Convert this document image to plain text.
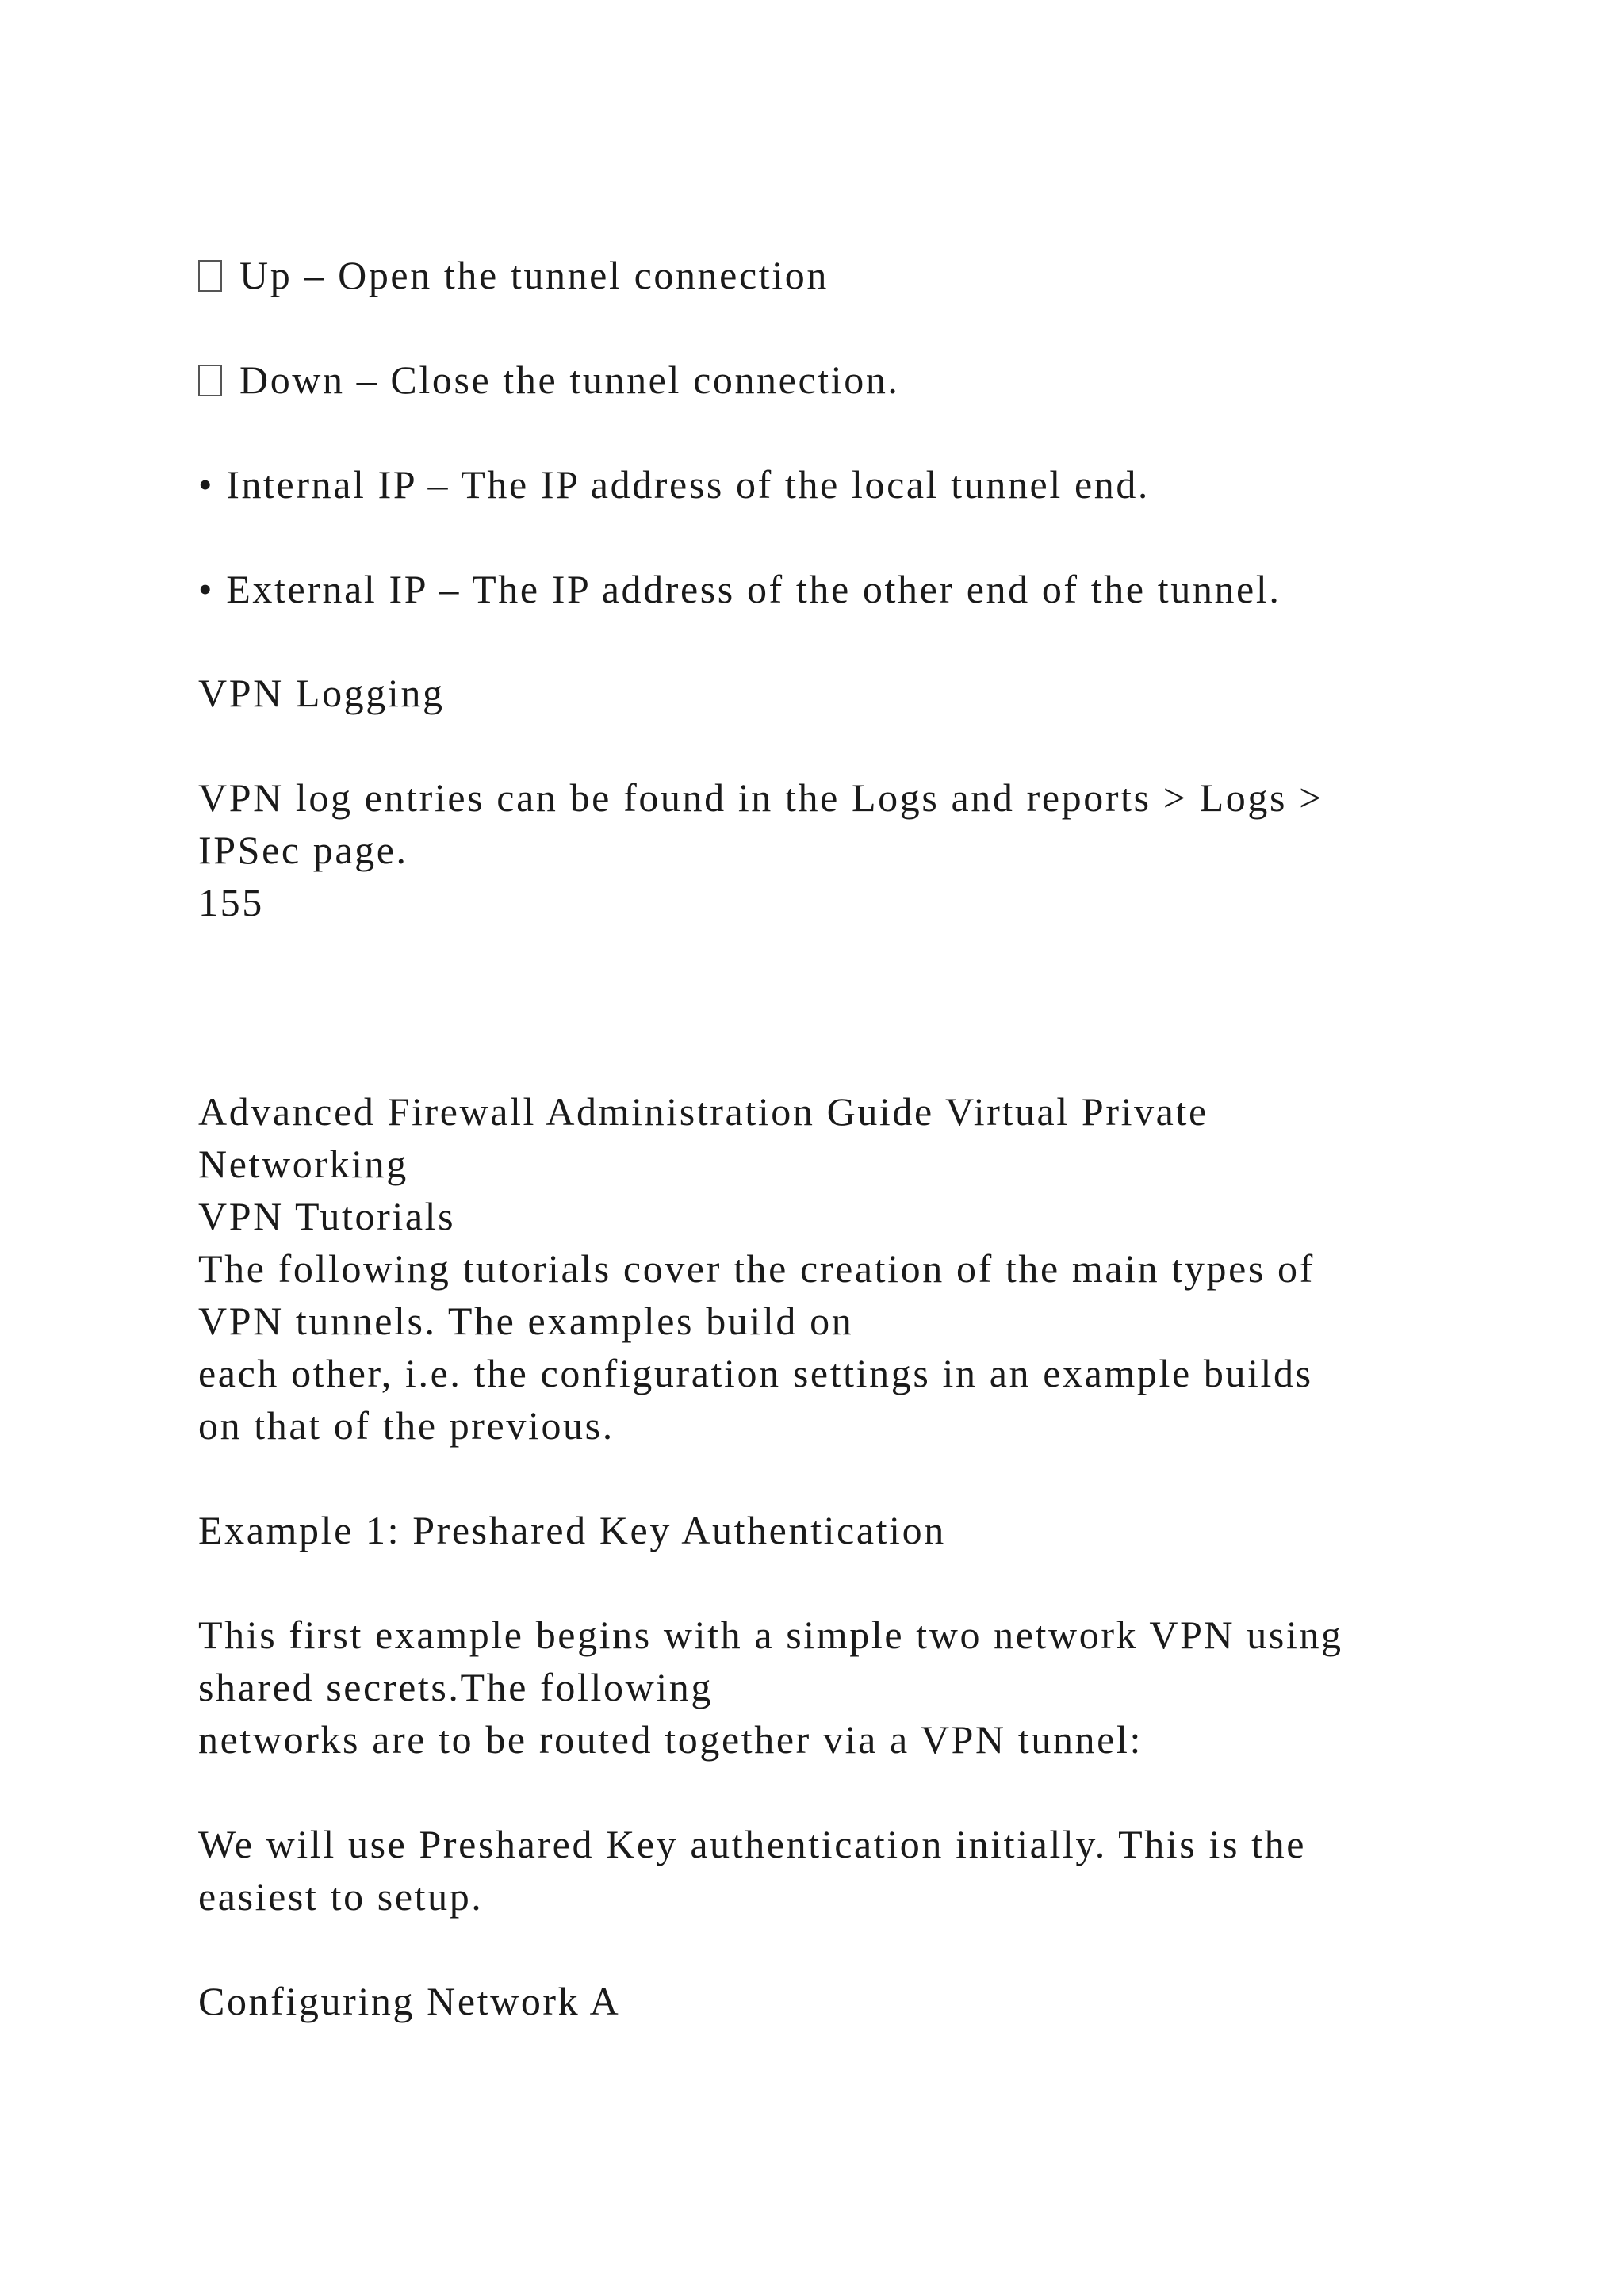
Up – Open the tunnel connection
Down – Close the tunnel connection.
• Internal IP – The IP address of the local tunnel end.
• External IP – The IP address of the other end of the tunnel.
VPN Logging
VPN log entries can be found in the Logs and reports > Logs >
IPSec page.
155
Advanced Firewall Administration Guide Virtual Private
Networking
VPN Tutorials
The following tutorials cover the creation of the main types of
VPN tunnels. The examples build on
each other, i.e. the configuration settings in an example builds
on that of the previous.
Example 1: Preshared Key Authentication
This first example begins with a simple two network VPN using
shared secrets.The following
networks are to be routed together via a VPN tunnel:
We will use Preshared Key authentication initially. This is the
easiest to setup.
Configuring Network A
